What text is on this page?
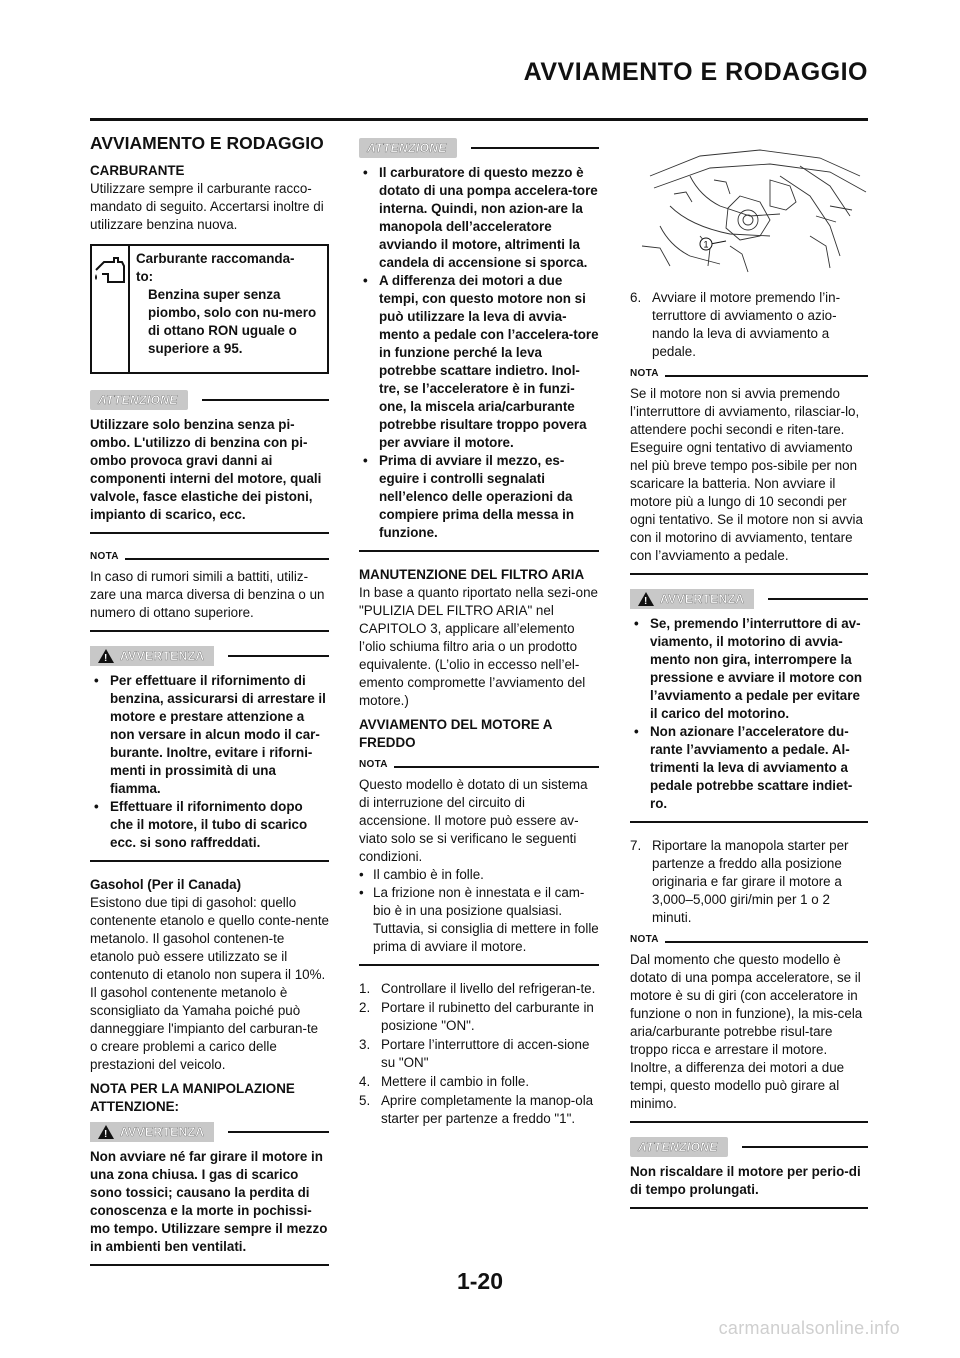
AVVIAMENTO E RODAGGIO
AVVIAMENTO E RODAGGIO
CARBURANTE

Utilizzare sempre il carburante racco-mandato di seguito. Accertarsi inoltre di utilizzare benzina nuova.

Carburante raccomanda-
to:
Benzina super senza piombo, solo con nu-mero di ottano RON uguale o superiore a 95.
ATTENZIONE

Utilizzare solo benzina senza pi-ombo. L'utilizzo di benzina con pi-ombo provoca gravi danni ai componenti interni del motore, quali valvole, fasce elastiche dei pistoni, impianto di scarico, ecc.

NOTA

In caso di rumori simili a battiti, utiliz-zare una marca diversa di benzina o un numero di ottano superiore.

!
AVVERTENZA
• Per effettuare il rifornimento di benzina, assicurarsi di arrestare il motore e prestare attenzione a non versare in alcun modo il car-burante. Inoltre, evitare i riforni-menti in prossimità di una fiamma.
• Effettuare il rifornimento dopo che il motore, il tubo di scarico ecc. si sono raffreddati.
Gasohol (Per il Canada)

Esistono due tipi di gasohol: quello contenente etanolo e quello conte-nente metanolo. Il gasohol contenen-te etanolo può essere utilizzato se il contenuto di etanolo non supera il 10%. Il gasohol contenente metanolo è sconsigliato da Yamaha poiché può danneggiare l'impianto del carburan-te o creare problemi a carico delle prestazioni del veicolo.

NOTA PER LA MANIPOLAZIONE ATTENZIONE:
!
AVVERTENZA

Non avviare né far girare il motore in una zona chiusa. I gas di scarico sono tossici; causano la perdita di conoscenza e la morte in pochissi-mo tempo. Utilizzare sempre il mezzo in ambienti ben ventilati.

ATTENZIONE
• Il carburatore di questo mezzo è dotato di una pompa accelera-tore interna. Quindi, non azion-are la manopola dell’acceleratore avviando il motore, altrimenti la candela di accensione si sporca.
• A differenza dei motori a due tempi, con questo motore non si può utilizzare la leva di avvia-mento a pedale con l’accelera-tore in funzione perché la leva potrebbe scattare indietro. Inol-tre, se l’acceleratore è in funzi-one, la miscela aria/carburante potrebbe risultare troppo povera per avviare il motore.
• Prima di avviare il mezzo, es-eguire i controlli segnalati nell’elenco delle operazioni da compiere prima della messa in funzione.
MANUTENZIONE DEL FILTRO ARIA

In base a quanto riportato nella sezi-one "PULIZIA DEL FILTRO ARIA" nel CAPITOLO 3, applicare all’elemento l’olio schiuma filtro aria o un prodotto equivalente. (L’olio in eccesso nell’el-emento compromette l’avviamento del motore.)

AVVIAMENTO DEL MOTORE A FREDDO
NOTA

Questo modello è dotato di un sistema di interruzione del circuito di accensione. Il motore può essere av-viato solo se si verificano le seguenti condizioni.

• Il cambio è in folle.
• La frizione non è innestata e il cam-bio è in una posizione qualsiasi. Tuttavia, si consiglia di mettere in folle prima di avviare il motore.
1. Controllare il livello del refrigeran-te.
2. Portare il rubinetto del carburante in posizione "ON".
3. Portare l’interruttore di accen-sione su "ON"
4. Mettere il cambio in folle.
5. Aprire completamente la manop-ola starter per partenze a freddo "1".
1
6. Avviare il motore premendo l’in-terruttore di avviamento o azio-nando la leva di avviamento a pedale.
NOTA

Se il motore non si avvia premendo l’interruttore di avviamento, rilasciar-lo, attendere pochi secondi e riten-tare. Eseguire ogni tentativo di avviamento nel più breve tempo pos-sibile per non scaricare la batteria. Non avviare il motore più a lungo di 10 secondi per ogni tentativo. Se il motore non si avvia con il motorino di avviamento, tentare con l’avviamento a pedale.

!
AVVERTENZA
• Se, premendo l’interruttore di av-viamento, il motorino di avvia-mento non gira, interrompere la pressione e avviare il motore con l’avviamento a pedale per evitare il carico del motorino.
• Non azionare l’acceleratore du-rante l’avviamento a pedale. Al-trimenti la leva di avviamento a pedale potrebbe scattare indiet-ro.
7. Riportare la manopola starter per partenze a freddo alla posizione originaria e far girare il motore a 3,000–5,000 giri/min per 1 o 2 minuti.
NOTA

Dal momento che questo modello è dotato di una pompa acceleratore, se il motore è su di giri (con acceleratore in funzione o non in funzione), la mis-cela aria/carburante potrebbe risul-tare troppo ricca e arrestare il motore. Inoltre, a differenza dei motori a due tempi, questo modello può girare al minimo.

ATTENZIONE

Non riscaldare il motore per perio-di di tempo prolungati.

1-20
carmanualsonline.info
